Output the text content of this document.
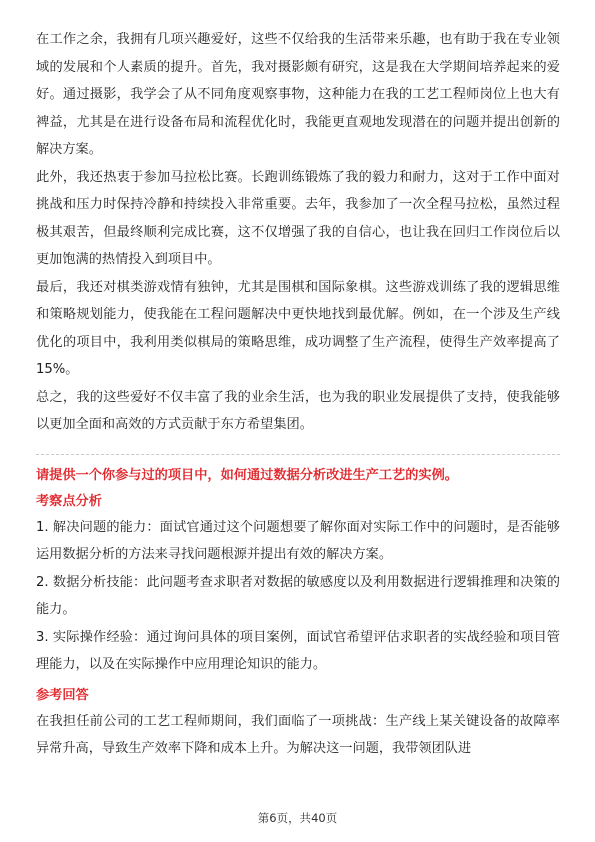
在工作之余，我拥有几项兴趣爱好，这些不仅给我的生活带来乐趣，也有助于我在专业领域的发展和个人素质的提升。首先，我对摄影颇有研究，这是我在大学期间培养起来的爱好。通过摄影，我学会了从不同角度观察事物，这种能力在我的工艺工程师岗位上也大有裨益，尤其是在进行设备布局和流程优化时，我能更直观地发现潜在的问题并提出创新的解决方案。

此外，我还热衷于参加马拉松比赛。长跑训练锻炼了我的毅力和耐力，这对于工作中面对挑战和压力时保持冷静和持续投入非常重要。去年，我参加了一次全程马拉松，虽然过程极其艰苦，但最终顺利完成比赛，这不仅增强了我的自信心，也让我在回归工作岗位后以更加饱满的热情投入到项目中。

最后，我还对棋类游戏情有独钟，尤其是围棋和国际象棋。这些游戏训练了我的逻辑思维和策略规划能力，使我能在工程问题解决中更快地找到最优解。例如，在一个涉及生产线优化的项目中，我利用类似棋局的策略思维，成功调整了生产流程，使得生产效率提高了15%。

总之，我的这些爱好不仅丰富了我的业余生活，也为我的职业发展提供了支持，使我能够以更加全面和高效的方式贡献于东方希望集团。

请提供一个你参与过的项目中，如何通过数据分析改进生产工艺的实例。

考察点分析

1. 解决问题的能力：面试官通过这个问题想要了解你面对实际工作中的问题时，是否能够运用数据分析的方法来寻找问题根源并提出有效的解决方案。

2. 数据分析技能：此问题考查求职者对数据的敏感度以及利用数据进行逻辑推理和决策的能力。

3. 实际操作经验：通过询问具体的项目案例，面试官希望评估求职者的实战经验和项目管理能力，以及在实际操作中应用理论知识的能力。

参考回答

在我担任前公司的工艺工程师期间，我们面临了一项挑战：生产线上某关键设备的故障率异常升高，导致生产效率下降和成本上升。为解决这一问题，我带领团队进

第6页，共40页
